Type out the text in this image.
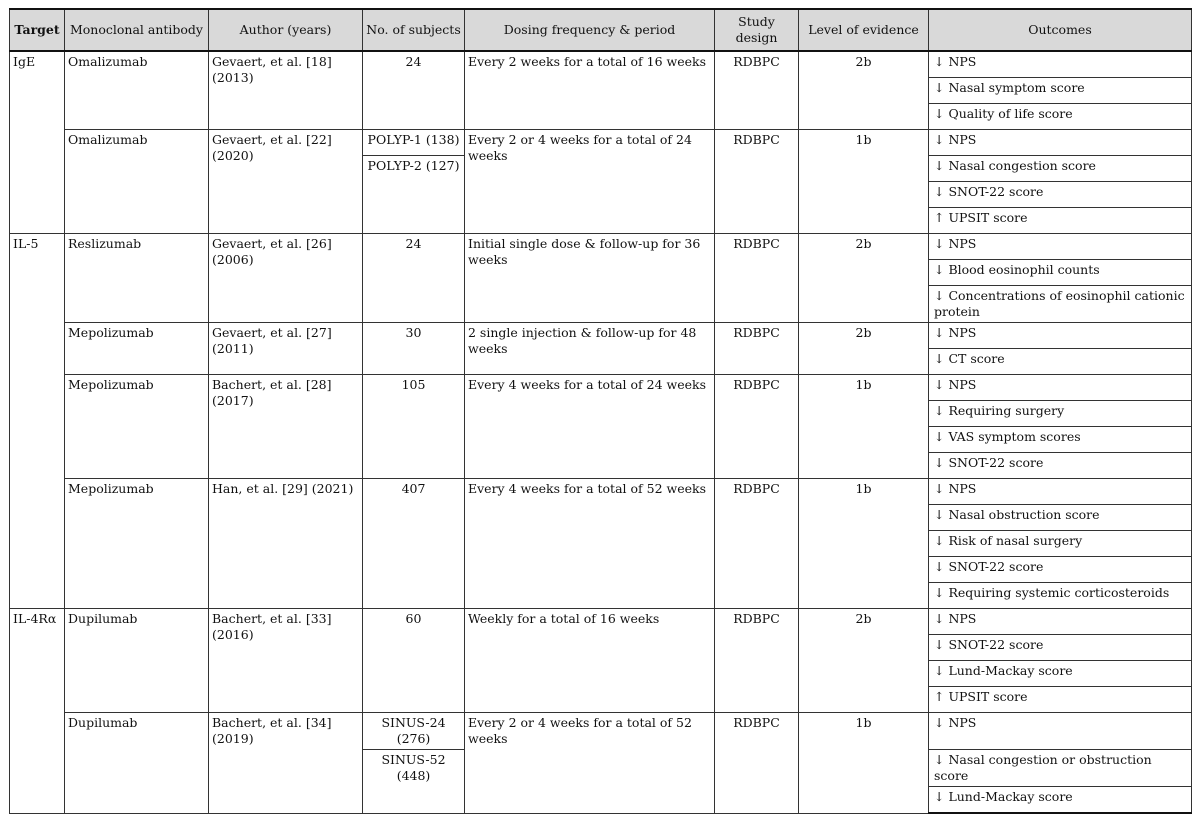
Target	Monoclonal antibody	Author (years)	No. of subjects	Dosing frequency & period	Study design	Level of evidence	Outcomes
IgE	Omalizumab	Gevaert, et al. [18] (2013)	24	Every 2 weeks for a total of 16 weeks	RDBPC	2b	↓ NPS
							↓ Nasal symptom score
							↓ Quality of life score
	Omalizumab	Gevaert, et al. [22] (2020)	POLYP-1 (138)	Every 2 or 4 weeks for a total of 24 weeks	RDBPC	1b	↓ NPS
			POLYP-2 (127)				↓ Nasal congestion score
							↓ SNOT-22 score
							↑ UPSIT score
IL-5	Reslizumab	Gevaert, et al. [26] (2006)	24	Initial single dose & follow-up for 36 weeks	RDBPC	2b	↓ NPS
							↓ Blood eosinophil counts
							↓ Concentrations of eosinophil cationic protein
	Mepolizumab	Gevaert, et al. [27] (2011)	30	2 single injection & follow-up for 48 weeks	RDBPC	2b	↓ NPS
							↓ CT score
	Mepolizumab	Bachert, et al. [28] (2017)	105	Every 4 weeks for a total of 24 weeks	RDBPC	1b	↓ NPS
							↓ Requiring surgery
							↓ VAS symptom scores
							↓ SNOT-22 score
	Mepolizumab	Han, et al. [29] (2021)	407	Every 4 weeks for a total of 52 weeks	RDBPC	1b	↓ NPS
							↓ Nasal obstruction score
							↓ Risk of nasal surgery
							↓ SNOT-22 score
							↓ Requiring systemic corticosteroids
IL-4Rα	Dupilumab	Bachert, et al. [33] (2016)	60	Weekly for a total of 16 weeks	RDBPC	2b	↓ NPS
							↓ SNOT-22 score
							↓ Lund-Mackay score
							↑ UPSIT score
	Dupilumab	Bachert, et al. [34] (2019)	SINUS-24 (276)	Every 2 or 4 weeks for a total of 52 weeks	RDBPC	1b	↓ NPS
			SINUS-52 (448)				↓ Nasal congestion or obstruction score
							↓ Lund-Mackay score
